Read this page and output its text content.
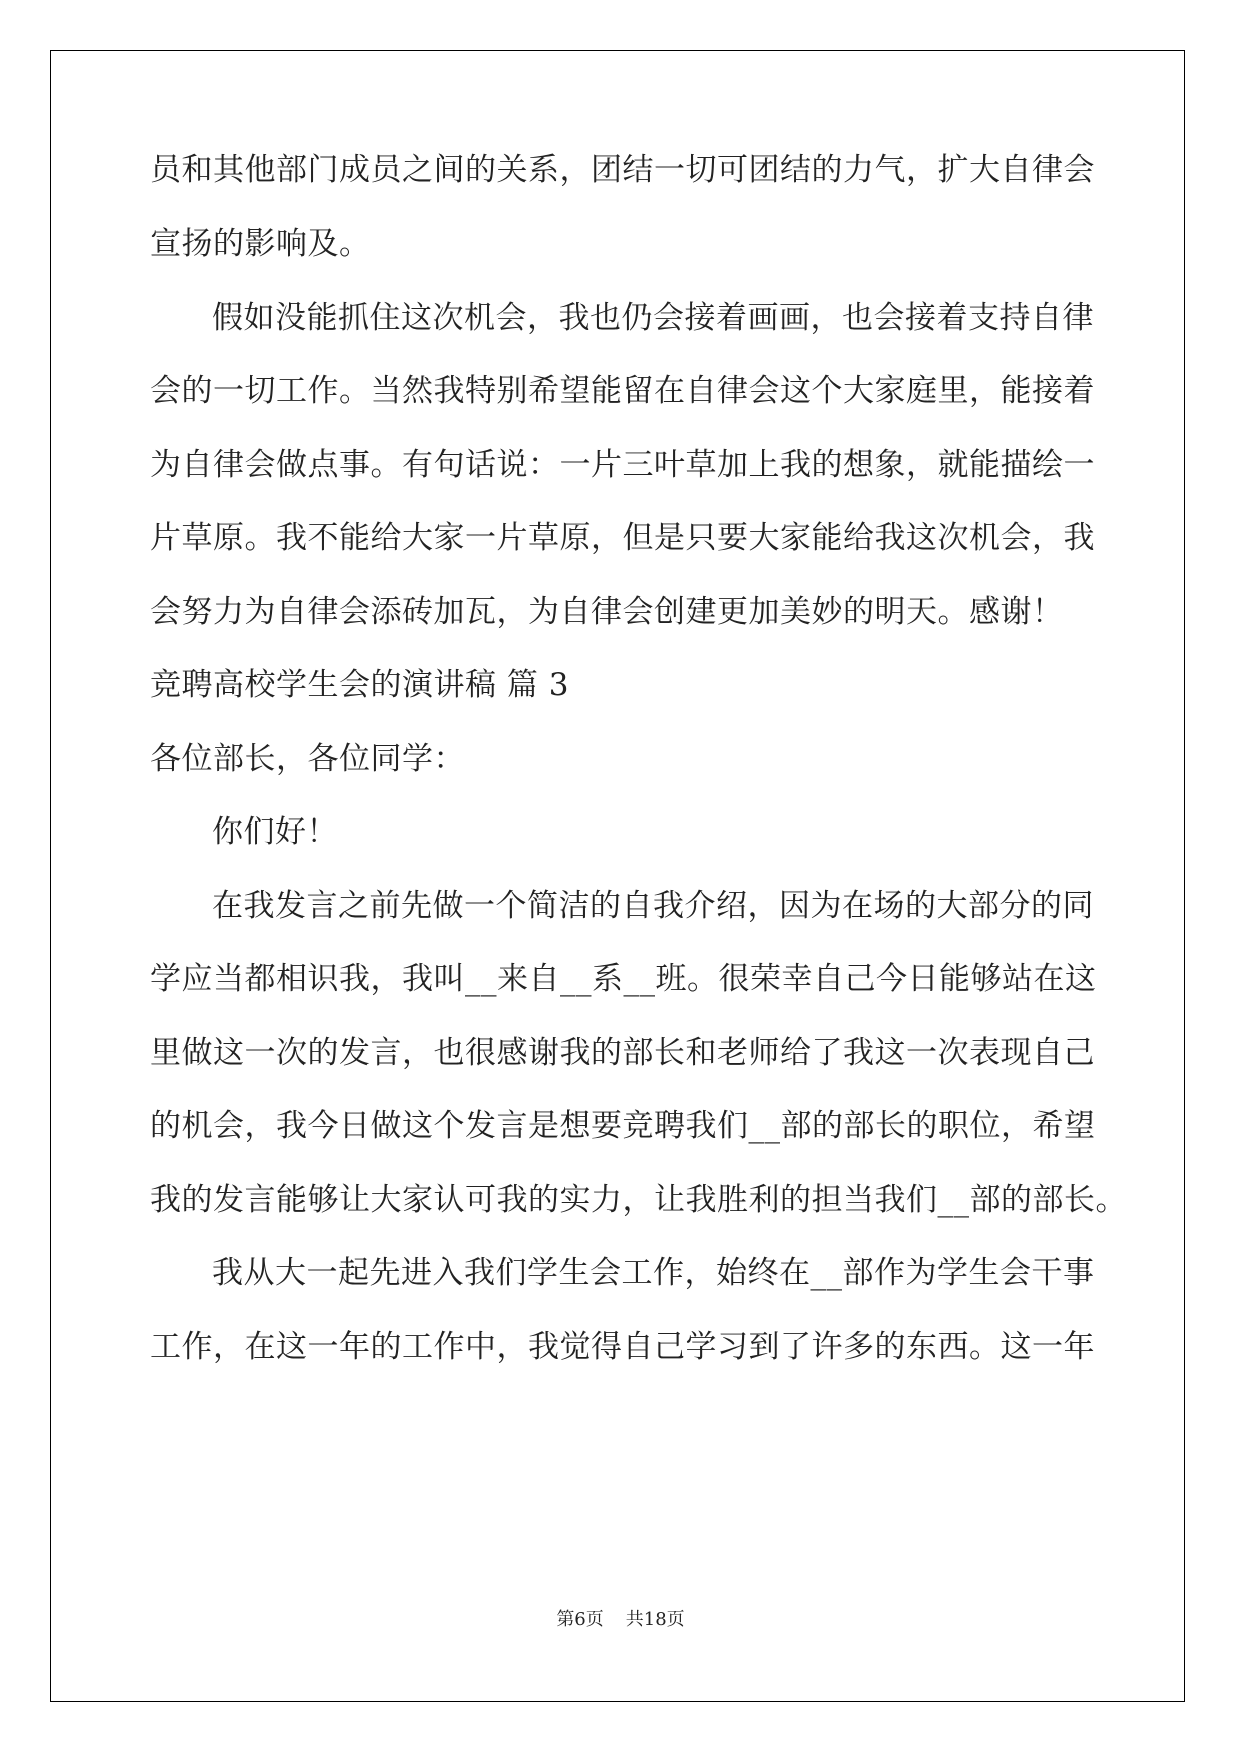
员和其他部门成员之间的关系，团结一切可团结的力气，扩大自律会

宣扬的影响及。

假如没能抓住这次机会，我也仍会接着画画，也会接着支持自律

会的一切工作。当然我特别希望能留在自律会这个大家庭里，能接着

为自律会做点事。有句话说：一片三叶草加上我的想象，就能描绘一

片草原。我不能给大家一片草原，但是只要大家能给我这次机会，我

会努力为自律会添砖加瓦，为自律会创建更加美妙的明天。感谢！

竞聘高校学生会的演讲稿 篇 3

各位部长，各位同学：

你们好！

在我发言之前先做一个简洁的自我介绍，因为在场的大部分的同

学应当都相识我，我叫__来自__系__班。很荣幸自己今日能够站在这

里做这一次的发言，也很感谢我的部长和老师给了我这一次表现自己

的机会，我今日做这个发言是想要竞聘我们__部的部长的职位，希望

我的发言能够让大家认可我的实力，让我胜利的担当我们__部的部长。

我从大一起先进入我们学生会工作，始终在__部作为学生会干事

工作，在这一年的工作中，我觉得自己学习到了许多的东西。这一年

第6页 共18页
